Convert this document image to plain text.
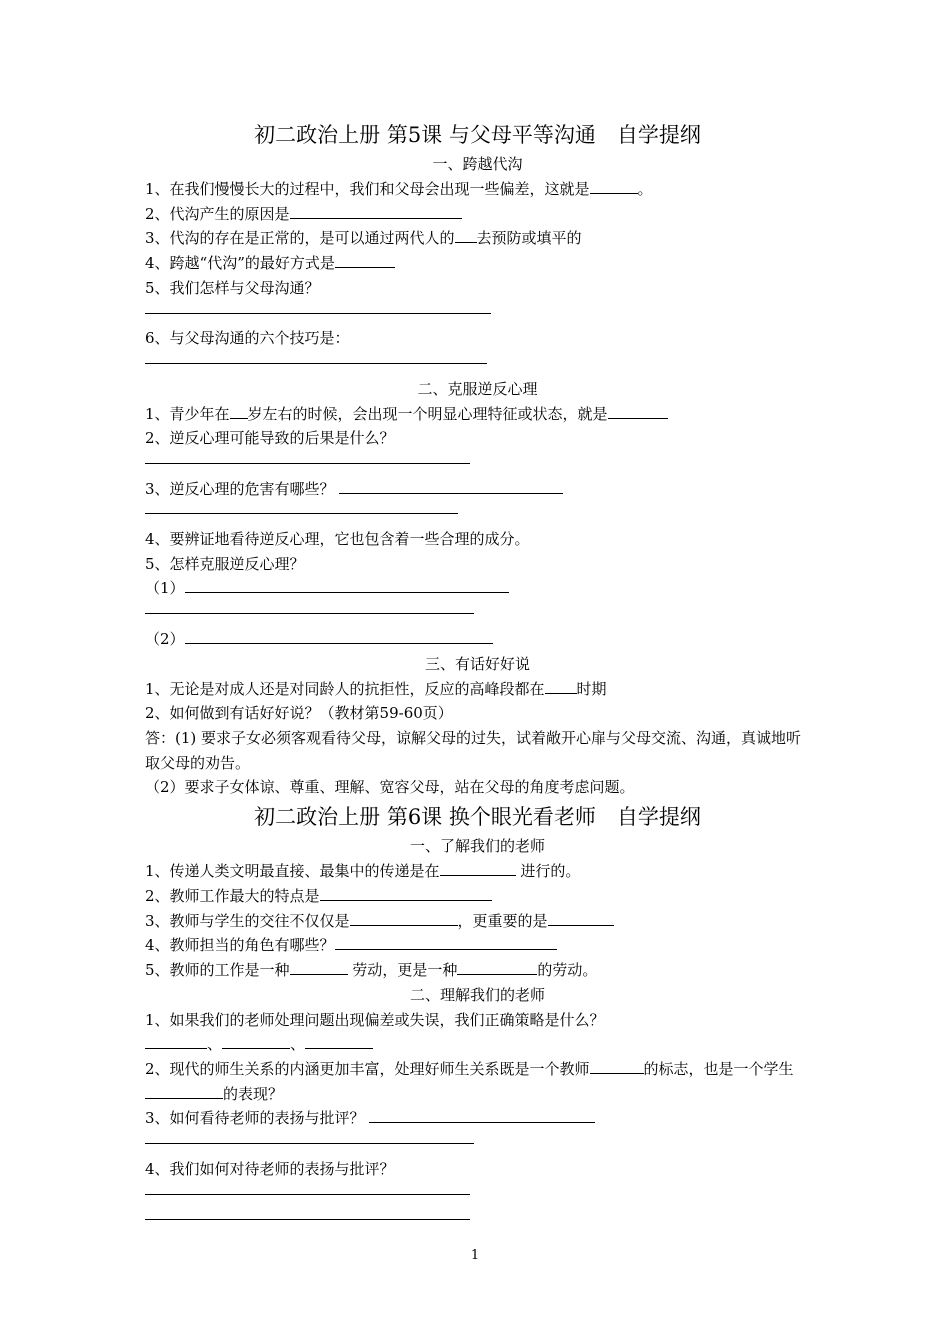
初二政治上册 第5课 与父母平等沟通　自学提纲
一、跨越代沟
1、在我们慢慢长大的过程中，我们和父母会出现一些偏差，这就是	。
2、代沟产生的原因是
3、代沟的存在是正常的，是可以通过两代人的 去预防或填平的
4、跨越“代沟”的最好方式是
5、我们怎样与父母沟通？
6、与父母沟通的六个技巧是：
二、克服逆反心理
1、青少年在 岁左右的时候，会出现一个明显心理特征或状态，就是
2、逆反心理可能导致的后果是什么？
3、逆反心理的危害有哪些？
4、要辨证地看待逆反心理，它也包含着一些合理的成分。
5、怎样克服逆反心理？
（1）
（2）
三、有话好好说
1、无论是对成人还是对同龄人的抗拒性，反应的高峰段都在 时期
2、如何做到有话好好说？（教材第59-60页）
答：(1) 要求子女必须客观看待父母，谅解父母的过失，试着敞开心扉与父母交流、沟通，真诚地听取父母的劝告。
（2）要求子女体谅、尊重、理解、宽容父母，站在父母的角度考虑问题。
初二政治上册 第6课 换个眼光看老师　自学提纲
一、了解我们的老师
1、传递人类文明最直接、最集中的传递是在	进行的。
2、教师工作最大的特点是
3、教师与学生的交往不仅仅是	，更重要的是
4、教师担当的角色有哪些？
5、教师的工作是一种	劳动，更是一种	的劳动。
二、理解我们的老师
1、如果我们的老师处理问题出现偏差或失误，我们正确策略是什么？
、	、
2、现代的师生关系的内涵更加丰富，处理好师生关系既是一个教师	的标志，也是一个学生的表现？
3、如何看待老师的表扬与批评？
4、我们如何对待老师的表扬与批评？
1
